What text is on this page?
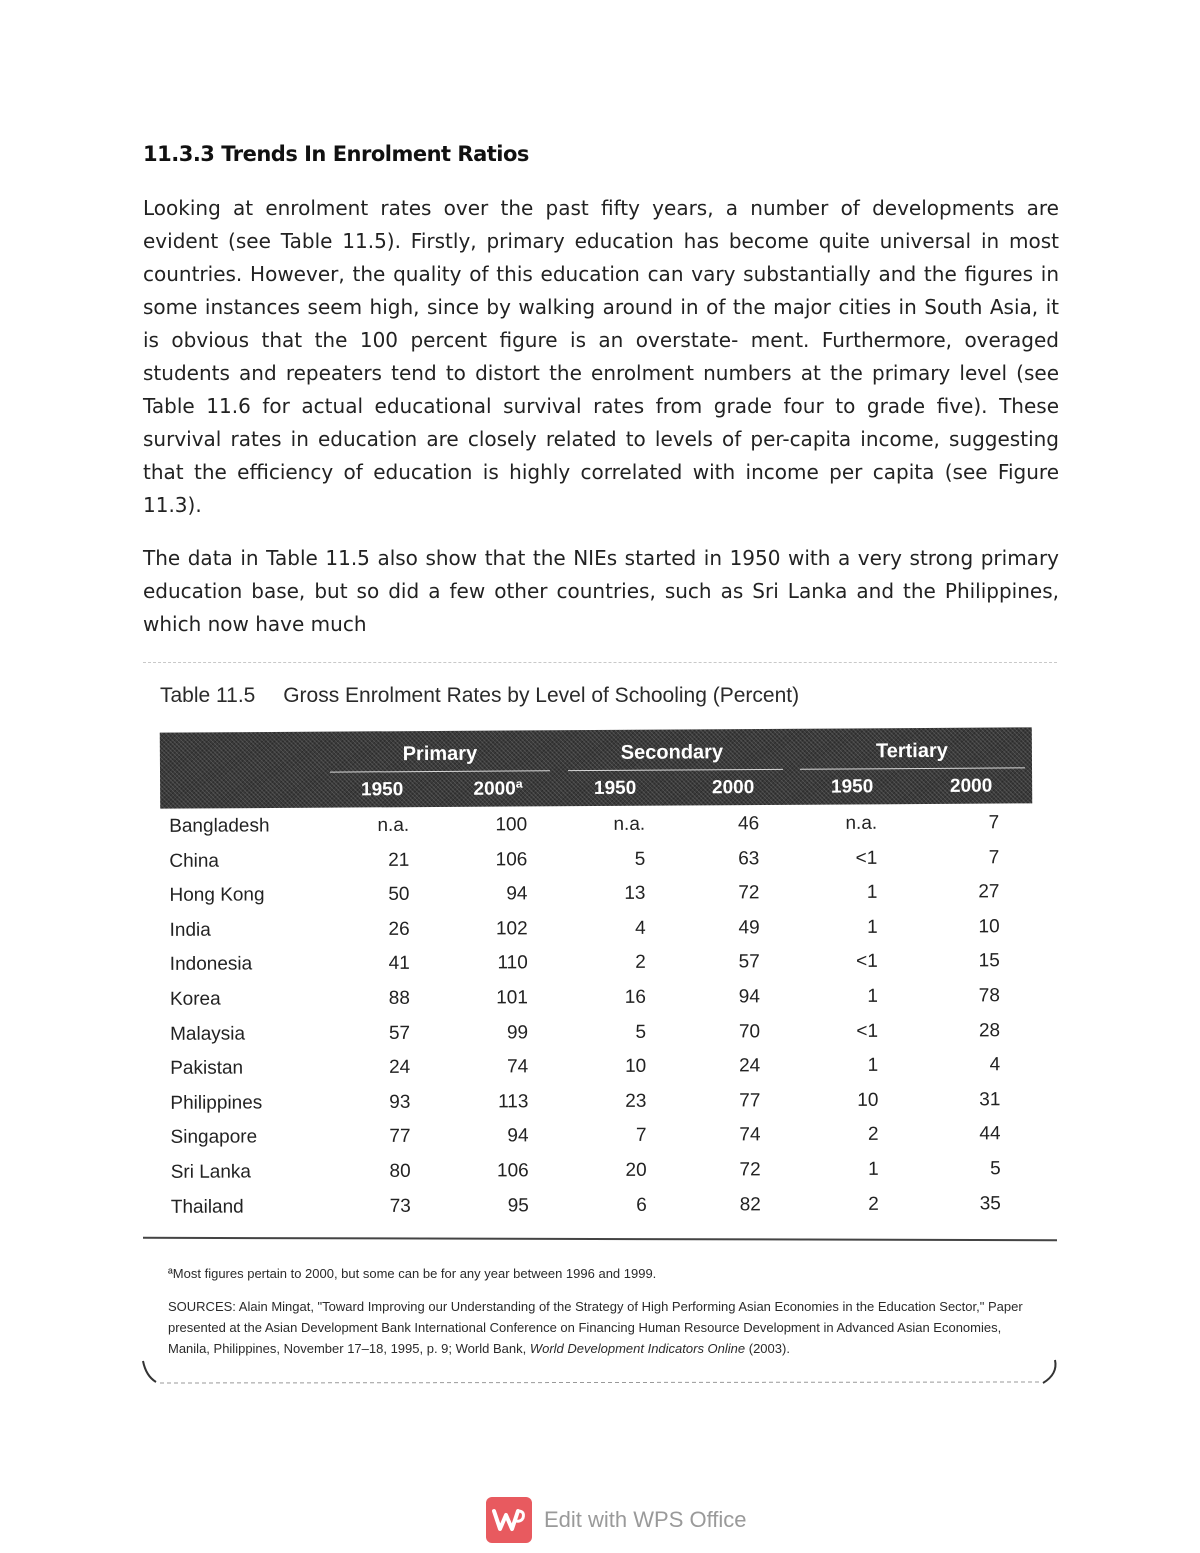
11.3.3 Trends In Enrolment Ratios

Looking at enrolment rates over the past fifty years, a number of developments are evident (see Table 11.5). Firstly, primary education has become quite universal in most countries. However, the quality of this education can vary substantially and the figures in some instances seem high, since by walking around in of the major cities in South Asia, it is obvious that the 100 percent figure is an overstate- ment. Furthermore, overaged students and repeaters tend to distort the enrolment numbers at the primary level (see Table 11.6 for actual educational survival rates from grade four to grade five). These survival rates in education are closely related to levels of per-capita income, suggesting that the efficiency of education is highly correlated with income per capita (see Figure 11.3).

The data in Table 11.5 also show that the NIEs started in 1950 with a very strong primary education base, but so did a few other countries, such as Sri Lanka and the Philippines, which now have much

Table 11.5 Gross Enrolment Rates by Level of Schooling (Percent)
Primary	Secondary	Tertiary
1950	2000ª	1950	2000	1950	2000
Bangladesh	n.a.	100	n.a.	46	n.a.	7
China	21	106	5	63	<1	7
Hong Kong	50	94	13	72	1	27
India	26	102	4	49	1	10
Indonesia	41	110	2	57	<1	15
Korea	88	101	16	94	1	78
Malaysia	57	99	5	70	<1	28
Pakistan	24	74	10	24	1	4
Philippines	93	113	23	77	10	31
Singapore	77	94	7	74	2	44
Sri Lanka	80	106	20	72	1	5
Thailand	73	95	6	82	2	35
ªMost figures pertain to 2000, but some can be for any year between 1996 and 1999.

SOURCES: Alain Mingat, "Toward Improving our Understanding of the Strategy of High Performing Asian Economies in the Education Sector," Paper presented at the Asian Development Bank International Conference on Financing Human Resource Development in Advanced Asian Economies, Manila, Philippines, November 17–18, 1995, p. 9; World Bank, World Development Indicators Online (2003).

Edit with WPS Office
